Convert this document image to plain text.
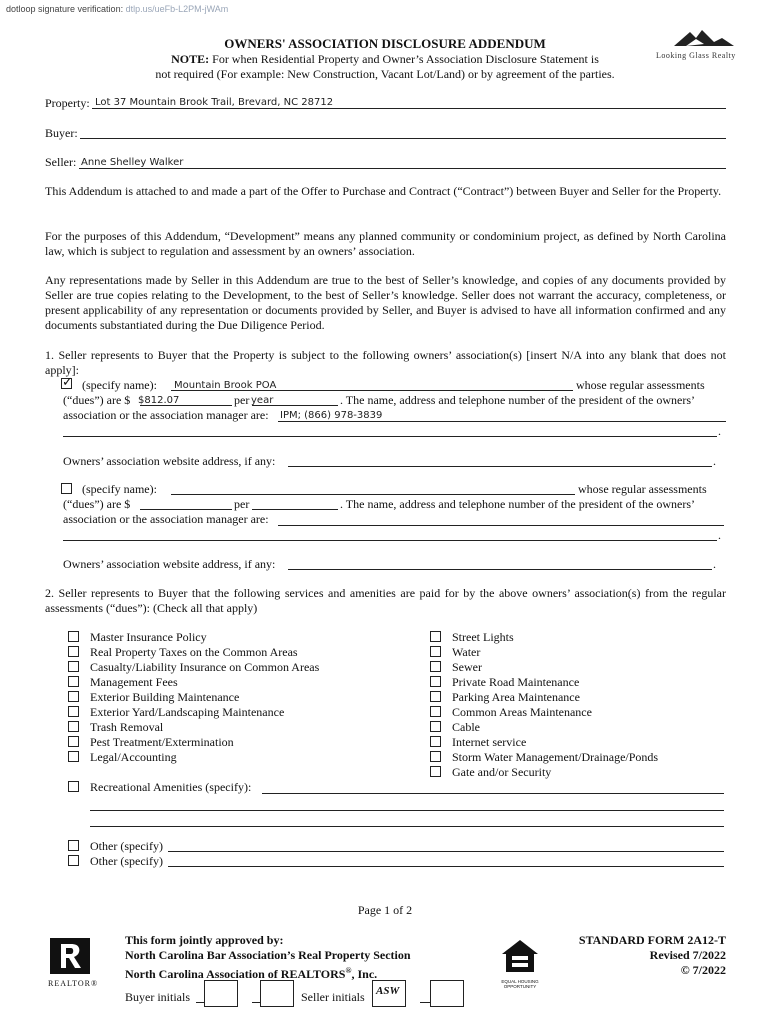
dotloop signature verification: dtlp.us/ueFb-L2PM-jWAm
Looking Glass Realty
OWNERS' ASSOCIATION DISCLOSURE ADDENDUM
NOTE: For when Residential Property and Owner’s Association Disclosure Statement is
not required (For example: New Construction, Vacant Lot/Land) or by agreement of the parties.
Property: Lot 37 Mountain Brook Trail, Brevard, NC 28712
Buyer:
Seller: Anne Shelley Walker
This Addendum is attached to and made a part of the Offer to Purchase and Contract (“Contract”) between Buyer and Seller for the Property.
For the purposes of this Addendum, “Development” means any planned community or condominium project, as defined by North Carolina law, which is subject to regulation and assessment by an owners’ association.
Any representations made by Seller in this Addendum are true to the best of Seller’s knowledge, and copies of any documents provided by Seller are true copies relating to the Development, to the best of Seller’s knowledge. Seller does not warrant the accuracy, completeness, or present applicability of any representation or documents provided by Seller, and Buyer is advised to have all information confirmed and any documents substantiated during the Due Diligence Period.
1. Seller represents to Buyer that the Property is subject to the following owners’ association(s) [insert N/A into any blank that does not apply]:
✓
(specify name): Mountain Brook POA	whose regular assessments
(“dues”) are $ $812.07	per year	. The name, address and telephone number of the president of the owners’
association or the association manager are: IPM; (866) 978-3839
.
Owners’ association website address, if any:	.
(specify name):	whose regular assessments
(“dues”) are $	per	. The name, address and telephone number of the president of the owners’
association or the association manager are:
.
Owners’ association website address, if any:	.
2. Seller represents to Buyer that the following services and amenities are paid for by the above owners’ association(s) from the regular assessments (“dues”): (Check all that apply)
Master Insurance Policy
Real Property Taxes on the Common Areas
Casualty/Liability Insurance on Common Areas
Management Fees
Exterior Building Maintenance
Exterior Yard/Landscaping Maintenance
Trash Removal
Pest Treatment/Extermination
Legal/Accounting
Street Lights
Water
Sewer
Private Road Maintenance
Parking Area Maintenance
Common Areas Maintenance
Cable
Internet service
Storm Water Management/Drainage/Ponds
Gate and/or Security
Recreational Amenities (specify):
Other (specify)
Other (specify)
Page 1 of 2
REALTOR®
This form jointly approved by:
North Carolina Bar Association’s Real Property Section
North Carolina Association of REALTORS®, Inc.
EQUAL HOUSING OPPORTUNITY
STANDARD FORM 2A12-T
Revised 7/2022
© 7/2022
Buyer initials	Seller initials ASW
